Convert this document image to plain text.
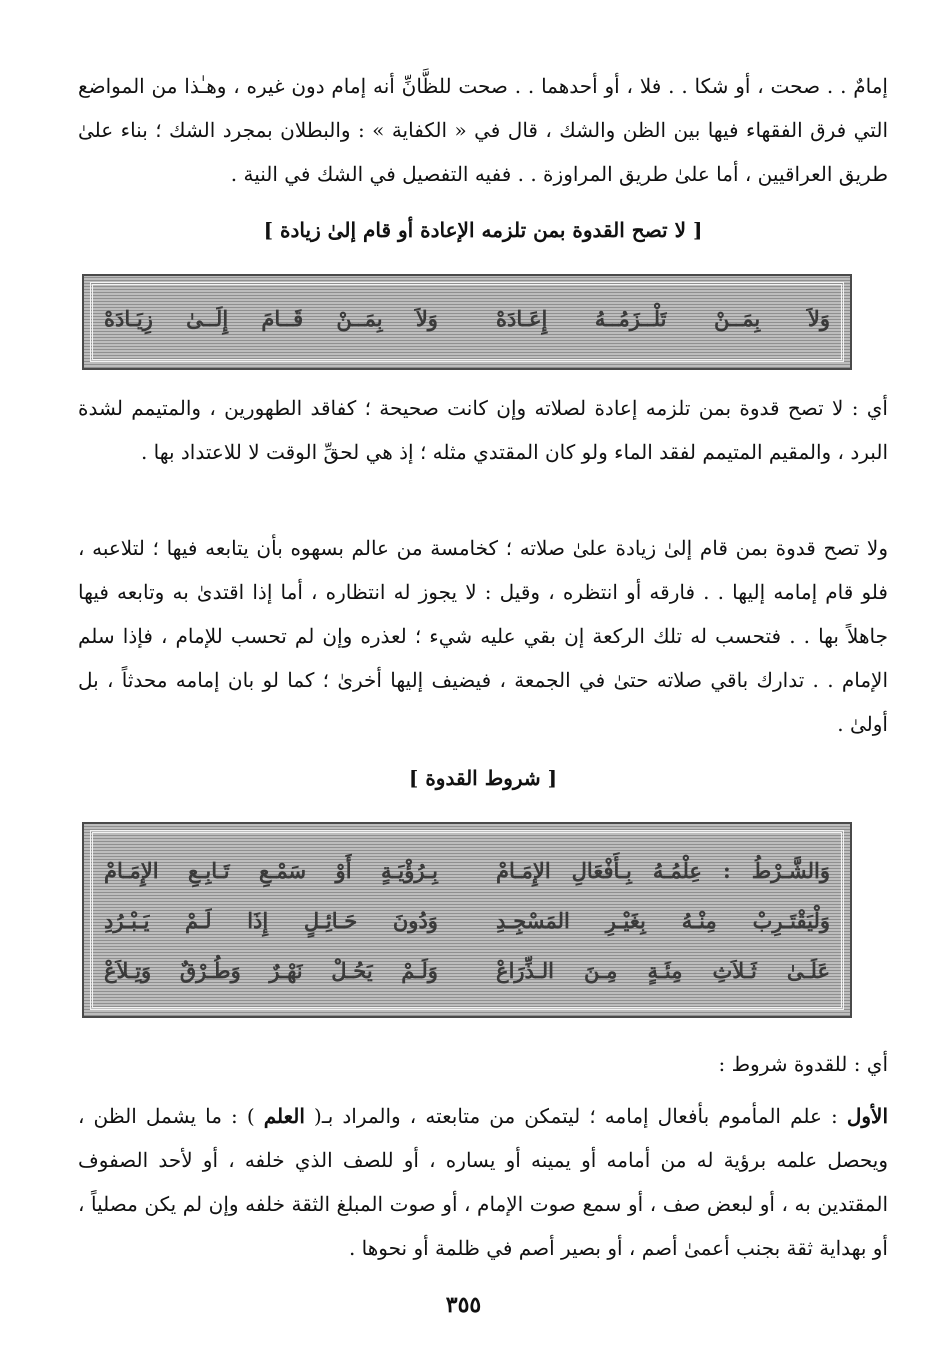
إمامٌ . . صحت ، أو شكا . . فلا ، أو أحدهما . . صحت للظَّانِّ أنه إمام دون غيره ، وهـٰذا من المواضع التي فرق الفقهاء فيها بين الظن والشك ، قال في « الكفاية » : والبطلان بمجرد الشك ؛ بناء علىٰ طريق العراقيين ، أما علىٰ طريق المراوزة . . ففيه التفصيل في الشك في النية .

[ لا تصح القدوة بمن تلزمه الإعادة أو قام إلىٰ زيادة ]

وَلاَ بِمَــنْ تَلْــزَمُــهُ إِعَـادَهْ
وَلاَ بِمَــنْ قَــامَ إِلَــىٰ زِيَـادَهْ

أي : لا تصح قدوة بمن تلزمه إعادة لصلاته وإن كانت صحيحة ؛ كفاقد الطهورين ، والمتيمم لشدة البرد ، والمقيم المتيمم لفقد الماء ولو كان المقتدي مثله ؛ إذ هي لحقِّ الوقت لا للاعتداد بها .

ولا تصح قدوة بمن قام إلىٰ زيادة علىٰ صلاته ؛ كخامسة من عالم بسهوه بأن يتابعه فيها ؛ لتلاعبه ، فلو قام إمامه إليها . . فارقه أو انتظره ، وقيل : لا يجوز له انتظاره ، أما إذا اقتدىٰ به وتابعه فيها جاهلاً بها . . فتحسب له تلك الركعة إن بقي عليه شيء ؛ لعذره وإن لم تحسب للإمام ، فإذا سلم الإمام . . تدارك باقي صلاته حتىٰ في الجمعة ، فيضيف إليها أخرىٰ ؛ كما لو بان إمامه محدثاً ، بل أولىٰ .

[ شروط القدوة ]

وَالشَّـرْطُ : عِلْمُـهُ بِـأَفْعَالِ الإِمَـامْ
بِـرُؤْيَـةٍ أَوْ سَمْـعِ تَـابِـعِ الإِمَـامْ
وَلْيَقْتَـرِبْ مِنْـهُ بِغَيْـرِ المَسْجِـدِ
وَدُونَ حَـائِـلٍ إِذَا لَـمْ يَـبْـرُدِ
عَلَـىٰ ثَـلاَثِ مِئَـةٍ مِـنَ الـذِّرَاعْ
وَلَـمْ يَحُـلْ نَهْـرٌ وَطُـرْقٌ وَتِـلاَعْ

أي : للقدوة شروط :

الأول : علم المأموم بأفعال إمامه ؛ ليتمكن من متابعته ، والمراد بـ( العلم ) : ما يشمل الظن ، ويحصل علمه برؤية له من أمامه أو يمينه أو يساره ، أو للصف الذي خلفه ، أو لأحد الصفوف المقتدين به ، أو لبعض صف ، أو سمع صوت الإمام ، أو صوت المبلغ الثقة خلفه وإن لم يكن مصلياً ، أو بهداية ثقة بجنب أعمىٰ أصم ، أو بصير أصم في ظلمة أو نحوها .

٣٥٥
